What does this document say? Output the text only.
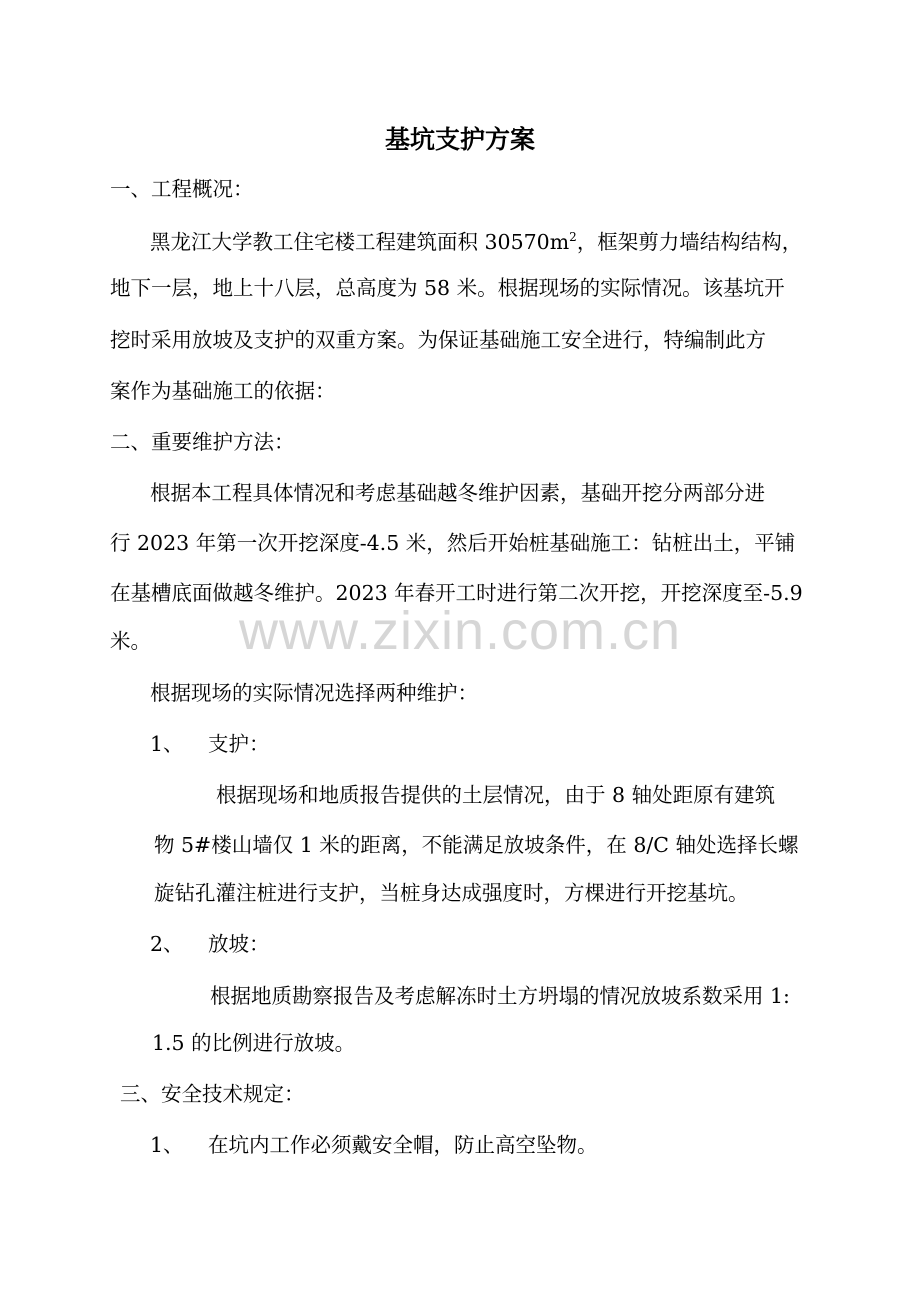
www.zixin.com.cn
基坑支护方案
一、工程概况：
黑龙江大学教工住宅楼工程建筑面积 $30570m^2$，框架剪力墙结构结构，
地下一层，地上十八层，总高度为 58 米。根据现场的实际情况。该基坑开
挖时采用放坡及支护的双重方案。为保证基础施工安全进行，特编制此方
案作为基础施工的依据：
二、重要维护方法：
根据本工程具体情况和考虑基础越冬维护因素，基础开挖分两部分进
行 2023 年第一次开挖深度-4.5 米，然后开始桩基础施工：钻桩出土，平铺
在基槽底面做越冬维护。2023 年春开工时进行第二次开挖，开挖深度至-5.9
米。
根据现场的实际情况选择两种维护：
1、 支护：
根据现场和地质报告提供的土层情况，由于 8 轴处距原有建筑
物 5#楼山墙仅 1 米的距离，不能满足放坡条件，在 8/C 轴处选择长螺
旋钻孔灌注桩进行支护，当桩身达成强度时，方棵进行开挖基坑。
2、 放坡：
根据地质勘察报告及考虑解冻时土方坍塌的情况放坡系数采用 1:
1.5 的比例进行放坡。
三、安全技术规定：
1、 在坑内工作必须戴安全帽，防止高空坠物。
